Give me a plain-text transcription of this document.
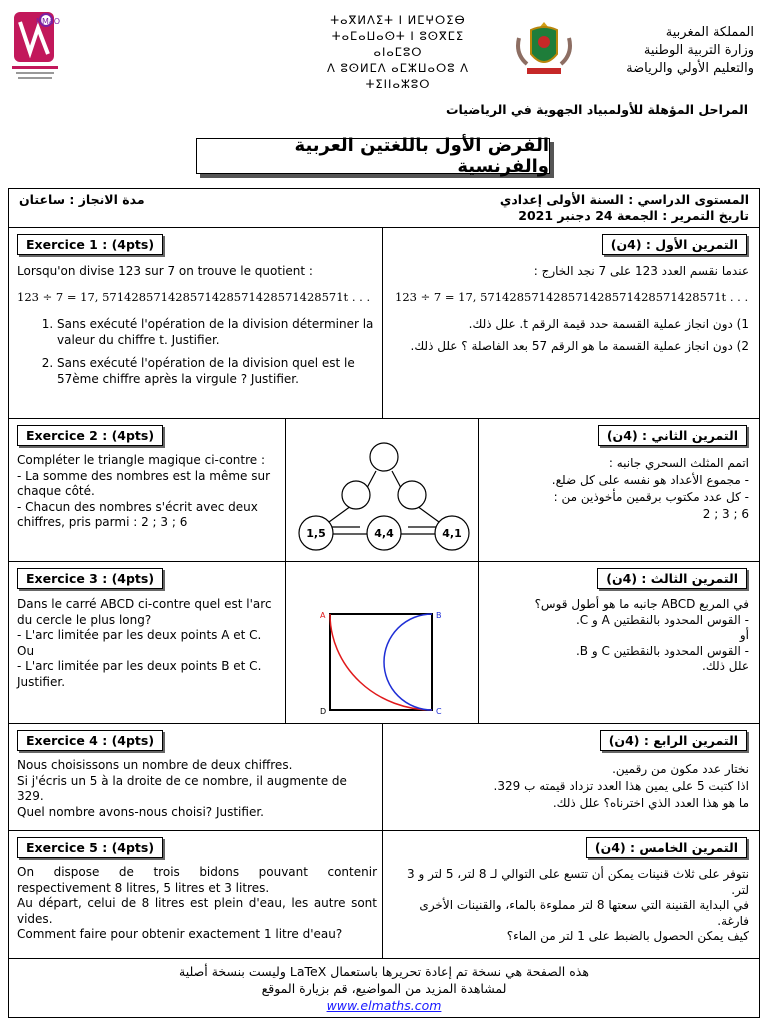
NMaO	ⵜⴰⴳⵍⴷⵉⵜ ⵏ ⵍⵎⵖⵔⵉⴱ
ⵜⴰⵎⴰⵡⴰⵙⵜ ⵏ ⵓⵙⴳⵎⵉ ⴰⵏⴰⵎⵓⵔ
ⴷ ⵓⵙⵍⵎⴷ ⴰⵎⵣⵡⴰⵔⵓ ⴷ ⵜⵉⵏⵏⴰⵣⵓⵔ
المملكة المغربية
وزارة التربية الوطنية
والتعليم الأولي والرياضة
المراحل المؤهلة للأولمبياد الجهوية في الرياضيات
الفرض الأول باللغتين العربية والفرنسية
المستوى الدراسي : السنة الأولى إعدادي
تاريخ التمرير : الجمعة 24 دجنبر 2021
مدة الانجاز : ساعتان
Exercice 1 : (4pts)

Lorsqu'on divise 123 sur 7 on trouve le quotient :

123 ÷ 7 = 17, 571428571428571428571428571428571t . . .

1. Sans exécuté l'opération de la division déterminer la valeur du chiffre t. Justifier.
2. Sans exécuté l'opération de la division quel est le 57ème chiffre après la virgule ? Justifier.
التمرين الأول : (4ن)

عندما نقسم العدد 123 على 7 نجد الخارج :

123 ÷ 7 = 17, 571428571428571428571428571428571t . . .

1) دون انجاز عملية القسمة حدد قيمة الرقم t. علل ذلك.

2) دون انجاز عملية القسمة ما هو الرقم 57 بعد الفاصلة ؟ علل ذلك.

Exercice 2 : (4pts)

Compléter le triangle magique ci-contre :

- La somme des nombres est la même sur chaque côté.

- Chacun des nombres s'écrit avec deux chiffres, pris parmi : 2 ; 3 ; 6

1,5	4,4	4,1
التمرين الثاني : (4ن)

اتمم المثلث السحري جانبه :

- مجموع الأعداد هو نفسه على كل ضلع.

- كل عدد مكتوب برقمين مأخوذين من :

6 ; 3 ; 2

Exercice 3 : (4pts)

Dans le carré ABCD ci-contre quel est l'arc du cercle le plus long?

- L'arc limitée par les deux points A et C.

Ou

- L'arc limitée par les deux points B et C.

Justifier.

A	B
C
D
التمرين الثالث : (4ن)

في المربع ABCD جانبه ما هو أطول قوس؟

- القوس المحدود بالنقطتين A و C.

أو

- القوس المحدود بالنقطتين C و B.

علل ذلك.

Exercice 4 : (4pts)

Nous choisissons un nombre de deux chiffres.

Si j'écris un 5 à la droite de ce nombre, il augmente de 329.

Quel nombre avons-nous choisi? Justifier.

التمرين الرابع : (4ن)

نختار عدد مكون من رقمين.

اذا كتبت 5 على يمين هذا العدد تزداد قيمته ب 329.

ما هو هذا العدد الذي اخترناه؟ علل ذلك.

Exercice 5 : (4pts)

On dispose de trois bidons pouvant contenir respectivement 8 litres, 5 litres et 3 litres.

Au départ, celui de 8 litres est plein d'eau, les autre sont vides.

Comment faire pour obtenir exactement 1 litre d'eau?

التمرين الخامس : (4ن)

نتوفر على ثلاث قنينات يمكن أن تتسع على التوالي لـ 8 لتر، 5 لتر و 3 لتر.

في البداية القنينة التي سعتها 8 لتر مملوءة بالماء، والقنينات الأخرى فارغة.

كيف يمكن الحصول بالضبط على 1 لتر من الماء؟

هذه الصفحة هي نسخة تم إعادة تحريرها باستعمال LaTeX وليست بنسخة أصلية
لمشاهدة المزيد من المواضيع، قم بزيارة الموقع
www.elmaths.com
